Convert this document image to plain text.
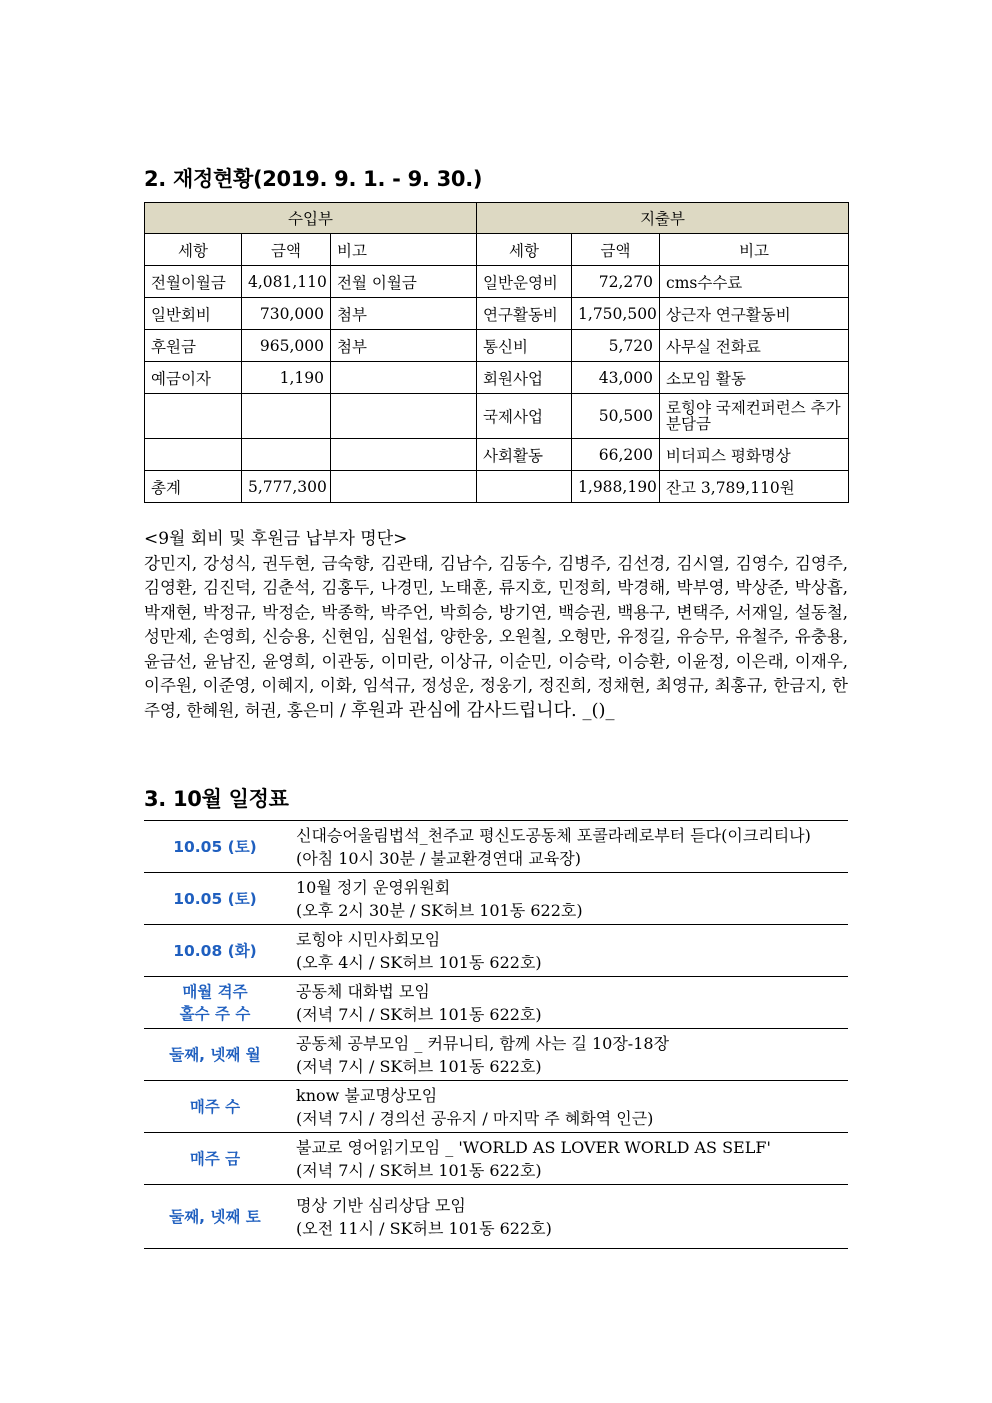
2. 재정현황(2019. 9. 1. - 9. 30.)
수입부			지출부		
세항	금액	비고	세항	금액	비고
전월이월금	4,081,110	전월 이월금	일반운영비	72,270	cms수수료
일반회비	730,000	첨부	연구활동비	1,750,500	상근자 연구활동비
후원금	965,000	첨부	통신비	5,720	사무실 전화료
예금이자	1,190		회원사업	43,000	소모임 활동
			국제사업	50,500	로힝야 국제컨퍼런스 추가분담금
			사회활동	66,200	비더피스 평화명상
총계	5,777,300			1,988,190	잔고 3,789,110원
<9월 회비 및 후원금 납부자 명단>
강민지, 강성식, 권두현, 금숙향, 김관태, 김남수, 김동수, 김병주, 김선경, 김시열, 김영수, 김영주, 김영환, 김진덕, 김춘석, 김홍두, 나경민, 노태훈, 류지호, 민정희, 박경해, 박부영, 박상준, 박상흡, 박재현, 박정규, 박정순, 박종학, 박주언, 박희승, 방기연, 백승권, 백용구, 변택주, 서재일, 설동철, 성만제, 손영희, 신승용, 신현임, 심원섭, 양한웅, 오원칠, 오형만, 유정길, 유승무, 유철주, 유충용, 윤금선, 윤남진, 윤영희, 이관동, 이미란, 이상규, 이순민, 이승락, 이승환, 이윤정, 이은래, 이재우, 이주원, 이준영, 이혜지, 이화, 임석규, 정성운, 정웅기, 정진희, 정채현, 최영규, 최홍규, 한금지, 한주영, 한혜원, 허권, 홍은미 / 후원과 관심에 감사드립니다. _()_
3. 10월 일정표
10.05 (토)	신대승어울림법석_천주교 평신도공동체 포콜라레로부터 듣다(이크리티나)
(아침 10시 30분 / 불교환경연대 교육장)

10.05 (토)	10월 정기 운영위원회
(오후 2시 30분 / SK허브 101동 622호)

10.08 (화)	로힝야 시민사회모임
(오후 4시 / SK허브 101동 622호)

매월 격주
홀수 주 수	공동체 대화법 모임
(저녁 7시 / SK허브 101동 622호)

둘째, 넷째 월	공동체 공부모임 _ 커뮤니티, 함께 사는 길 10장-18장
(저녁 7시 / SK허브 101동 622호)

매주 수	know 불교명상모임
(저녁 7시 / 경의선 공유지 / 마지막 주 혜화역 인근)

매주 금	불교로 영어읽기모임 _ 'WORLD AS LOVER WORLD AS SELF'
(저녁 7시 / SK허브 101동 622호)

둘째, 넷째 토	명상 기반 심리상담 모임
(오전 11시 / SK허브 101동 622호)
